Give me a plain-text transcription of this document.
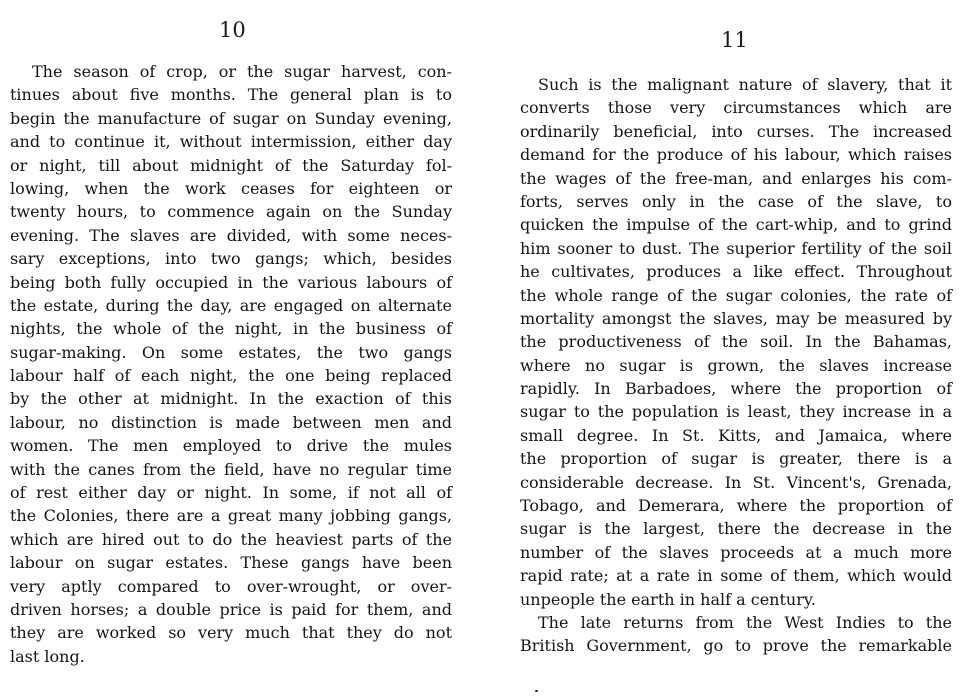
10
The season of crop, or the sugar harvest, con-
tinues about five months. The general plan is to
begin the manufacture of sugar on Sunday evening,
and to continue it, without intermission, either day
or night, till about midnight of the Saturday fol-
lowing, when the work ceases for eighteen or
twenty hours, to commence again on the Sunday
evening. The slaves are divided, with some neces-
sary exceptions, into two gangs; which, besides
being both fully occupied in the various labours of
the estate, during the day, are engaged on alternate
nights, the whole of the night, in the business of
sugar-making. On some estates, the two gangs
labour half of each night, the one being replaced
by the other at midnight. In the exaction of this
labour, no distinction is made between men and
women. The men employed to drive the mules
with the canes from the field, have no regular time
of rest either day or night. In some, if not all of
the Colonies, there are a great many jobbing gangs,
which are hired out to do the heaviest parts of the
labour on sugar estates. These gangs have been
very aptly compared to over-wrought, or over-
driven horses; a double price is paid for them, and
they are worked so very much that they do not
last long.
11
Such is the malignant nature of slavery, that it
converts those very circumstances which are
ordinarily beneficial, into curses. The increased
demand for the produce of his labour, which raises
the wages of the free-man, and enlarges his com-
forts, serves only in the case of the slave, to
quicken the impulse of the cart-whip, and to grind
him sooner to dust. The superior fertility of the soil
he cultivates, produces a like effect. Throughout
the whole range of the sugar colonies, the rate of
mortality amongst the slaves, may be measured by
the productiveness of the soil. In the Bahamas,
where no sugar is grown, the slaves increase
rapidly. In Barbadoes, where the proportion of
sugar to the population is least, they increase in a
small degree. In St. Kitts, and Jamaica, where
the proportion of sugar is greater, there is a
considerable decrease. In St. Vincent's, Grenada,
Tobago, and Demerara, where the proportion of
sugar is the largest, there the decrease in the
number of the slaves proceeds at a much more
rapid rate; at a rate in some of them, which would
unpeople the earth in half a century.
The late returns from the West Indies to the
British Government, go to prove the remarkable
